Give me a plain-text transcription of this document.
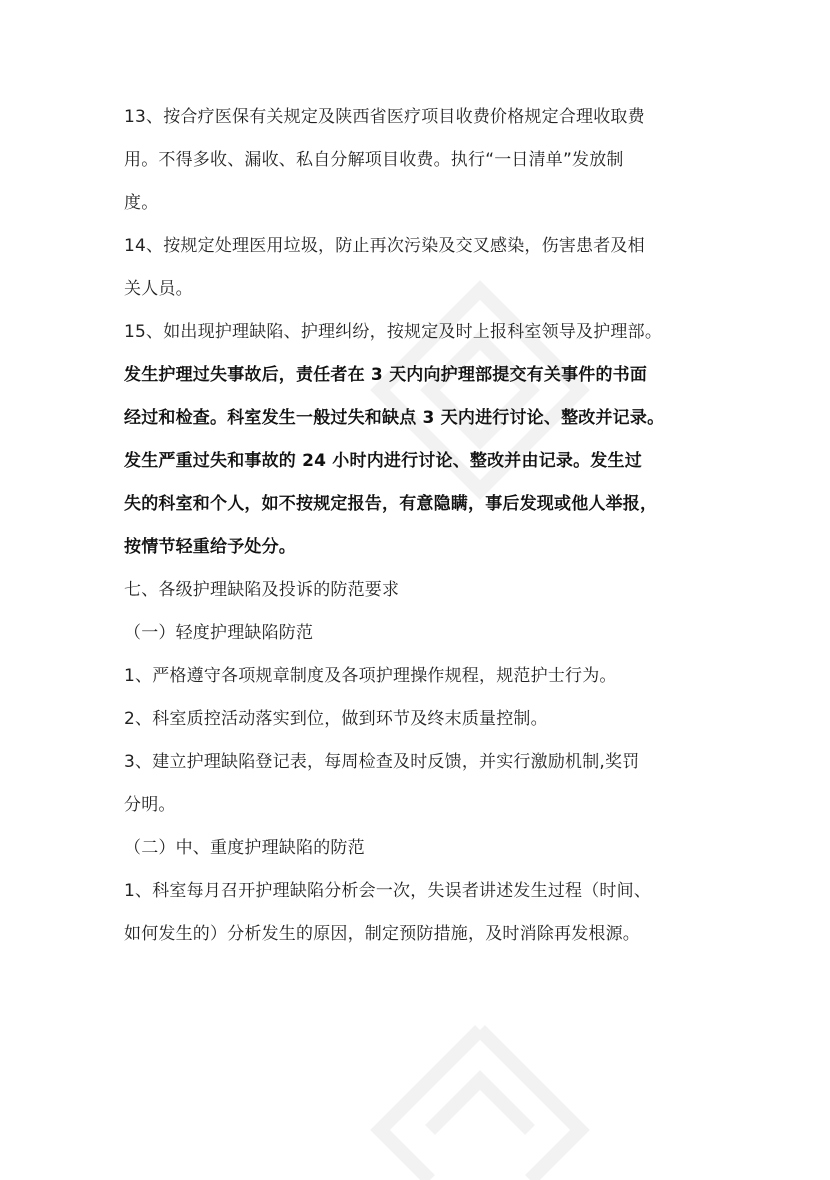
13、按合疗医保有关规定及陕西省医疗项目收费价格规定合理收取费
用。不得多收、漏收、私自分解项目收费。执行“一日清单”发放制
度。

14、按规定处理医用垃圾，防止再次污染及交叉感染，伤害患者及相
关人员。

15、如出现护理缺陷、护理纠纷，按规定及时上报科室领导及护理部。

发生护理过失事故后，责任者在 3 天内向护理部提交有关事件的书面
经过和检查。科室发生一般过失和缺点 3 天内进行讨论、整改并记录。
发生严重过失和事故的 24 小时内进行讨论、整改并由记录。发生过
失的科室和个人，如不按规定报告，有意隐瞒，事后发现或他人举报，
按情节轻重给予处分。

七、各级护理缺陷及投诉的防范要求

（一）轻度护理缺陷防范

1、严格遵守各项规章制度及各项护理操作规程，规范护士行为。

2、科室质控活动落实到位，做到环节及终末质量控制。

3、建立护理缺陷登记表，每周检查及时反馈，并实行激励机制,奖罚
分明。

（二）中、重度护理缺陷的防范

1、科室每月召开护理缺陷分析会一次，失误者讲述发生过程（时间、
如何发生的）分析发生的原因，制定预防措施，及时消除再发根源。
